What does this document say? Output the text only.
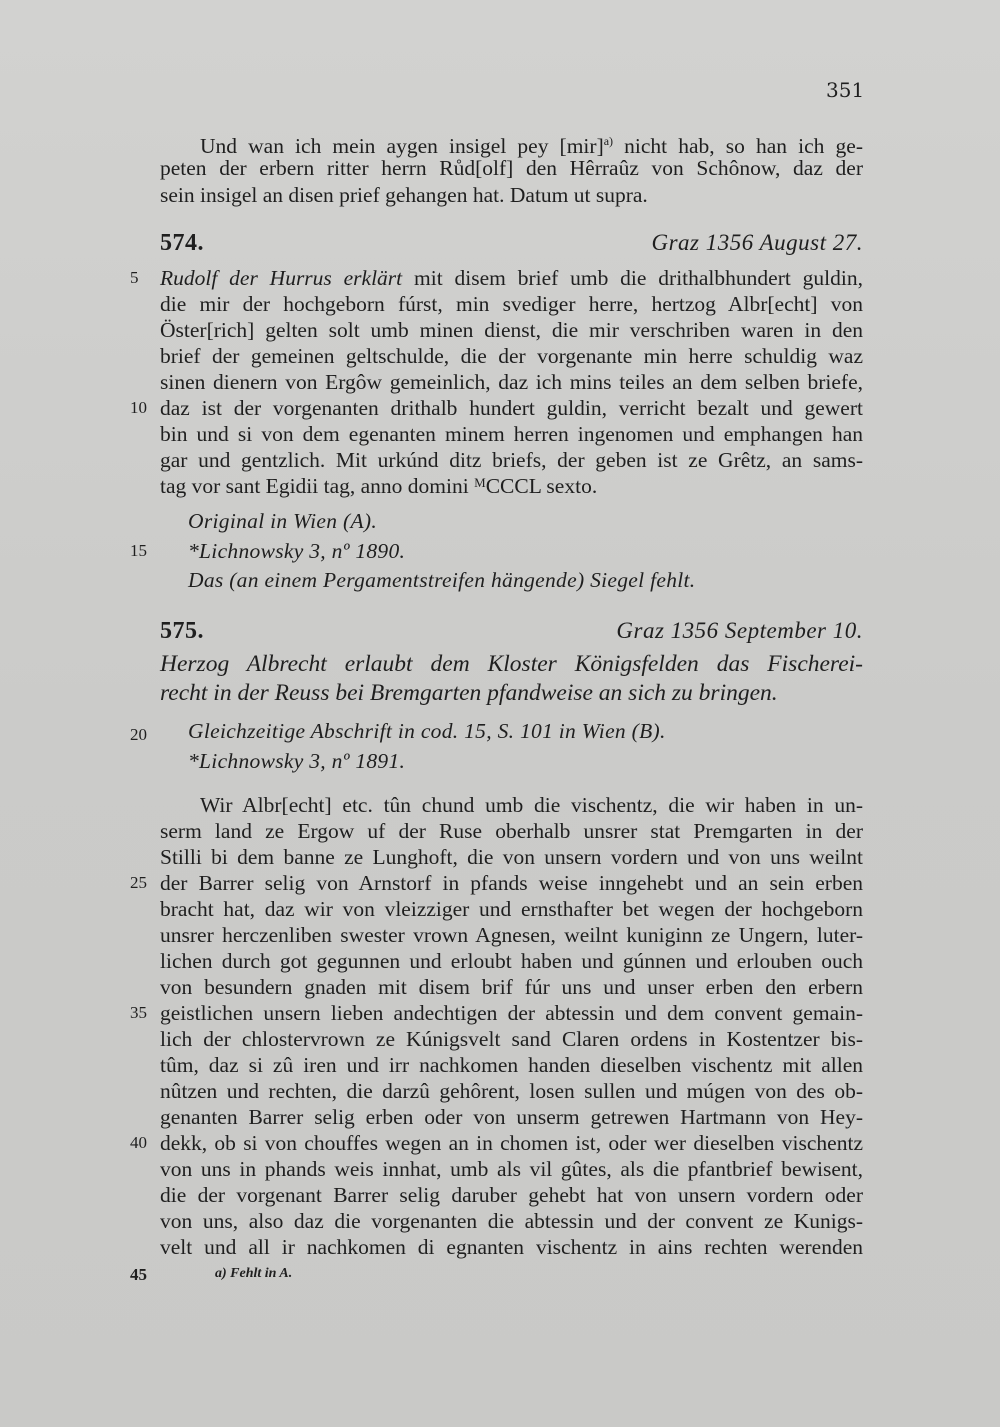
351
Und wan ich mein aygen insigel pey [mir]$^{a)}$ nicht hab, so han ich ge-
peten der erbern ritter herrn Růd[olf] den Hêrraûz von Schônow, daz der
sein insigel an disen prief gehangen hat. Datum ut supra.
574.	Graz 1356 August 27.
5 Rudolf der Hurrus erklärt mit disem brief umb die drithalbhundert guldin,
die mir der hochgeborn fúrst, min svediger herre, hertzog Albr[echt] von
Öster[rich] gelten solt umb minen dienst, die mir verschriben waren in den
brief der gemeinen geltschulde, die der vorgenante min herre schuldig waz
sinen dienern von Ergôw gemeinlich, daz ich mins teiles an dem selben briefe,
10 daz ist der vorgenanten drithalb hundert guldin, verricht bezalt und gewert
bin und si von dem egenanten minem herren ingenomen und emphangen han
gar und gentzlich. Mit urkúnd ditz briefs, der geben ist ze Grêtz, an sams-
tag vor sant Egidii tag, anno domini ᴹCCCL sexto.
Original in Wien (A).
15 *Lichnowsky 3, nº 1890.
Das (an einem Pergamentstreifen hängende) Siegel fehlt.
575.	Graz 1356 September 10.
Herzog Albrecht erlaubt dem Kloster Königsfelden das Fischerei-
recht in der Reuss bei Bremgarten pfandweise an sich zu bringen.
20 Gleichzeitige Abschrift in cod. 15, S. 101 in Wien (B).
*Lichnowsky 3, nº 1891.
Wir Albr[echt] etc. tûn chund umb die vischentz, die wir haben in un-
serm land ze Ergow uf der Ruse oberhalb unsrer stat Premgarten in der
Stilli bi dem banne ze Lunghoft, die von unsern vordern und von uns weilnt
25 der Barrer selig von Arnstorf in pfands weise inngehebt und an sein erben
bracht hat, daz wir von vleizziger und ernsthafter bet wegen der hochgeborn
unsrer herczenliben swester vrown Agnesen, weilnt kuniginn ze Ungern, luter-
lichen durch got gegunnen und erloubt haben und gúnnen und erlouben ouch
von besundern gnaden mit disem brif fúr uns und unser erben den erbern
35 geistlichen unsern lieben andechtigen der abtessin und dem convent gemain-
lich der chlostervrown ze Kúnigsvelt sand Claren ordens in Kostentzer bis-
tûm, daz si zû iren und irr nachkomen handen dieselben vischentz mit allen
nûtzen und rechten, die darzû gehôrent, losen sullen und múgen von des ob-
genanten Barrer selig erben oder von unserm getrewen Hartmann von Hey-
40 dekk, ob si von chouffes wegen an in chomen ist, oder wer dieselben vischentz
von uns in phands weis innhat, umb als vil gûtes, als die pfantbrief bewisent,
die der vorgenant Barrer selig daruber gehebt hat von unsern vordern oder
von uns, also daz die vorgenanten die abtessin und der convent ze Kunigs-
velt und all ir nachkomen di egnanten vischentz in ains rechten werenden
45	a) Fehlt in A.
